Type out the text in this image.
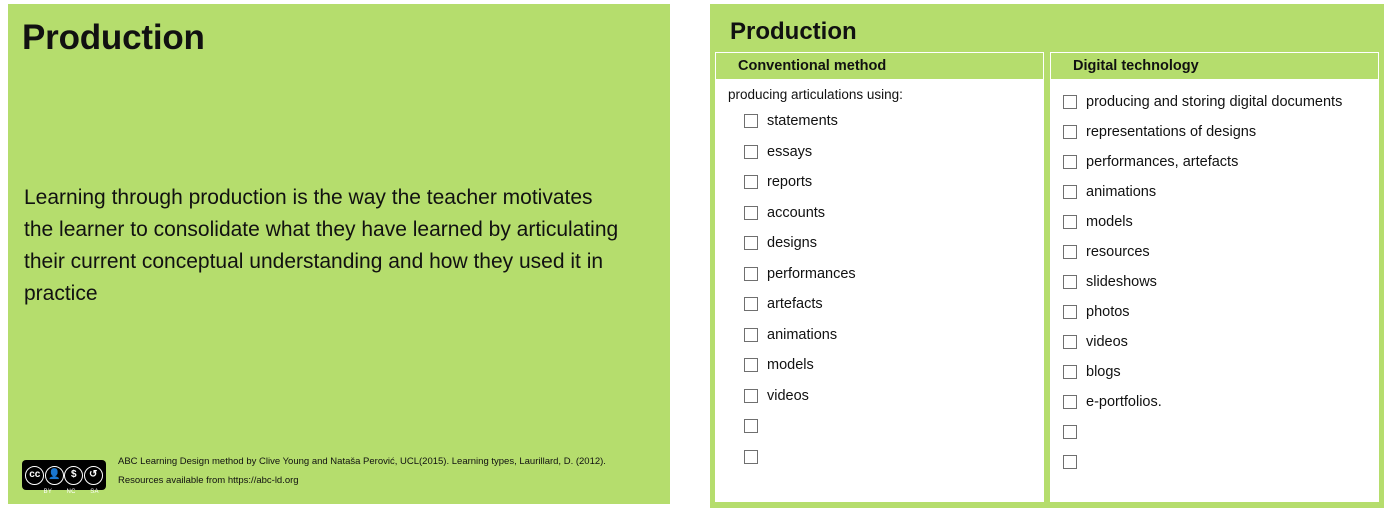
Production
Learning through production is the way the teacher motivates the learner to consolidate what they have learned by articulating their current conceptual understanding and how they used it in practice
cc 👤	$	↺
BY NC SA
ABC Learning Design method by Clive Young and Nataša Perović, UCL(2015). Learning types, Laurillard, D. (2012).
Resources available from https://abc-ld.org
Production
Conventional method
producing articulations using:
statements
essays
reports
accounts
designs
performances
artefacts
animations
models
videos
Digital technology
producing and storing digital documents
representations of designs
performances, artefacts
animations
models
resources
slideshows
photos
videos
blogs
e-portfolios.
